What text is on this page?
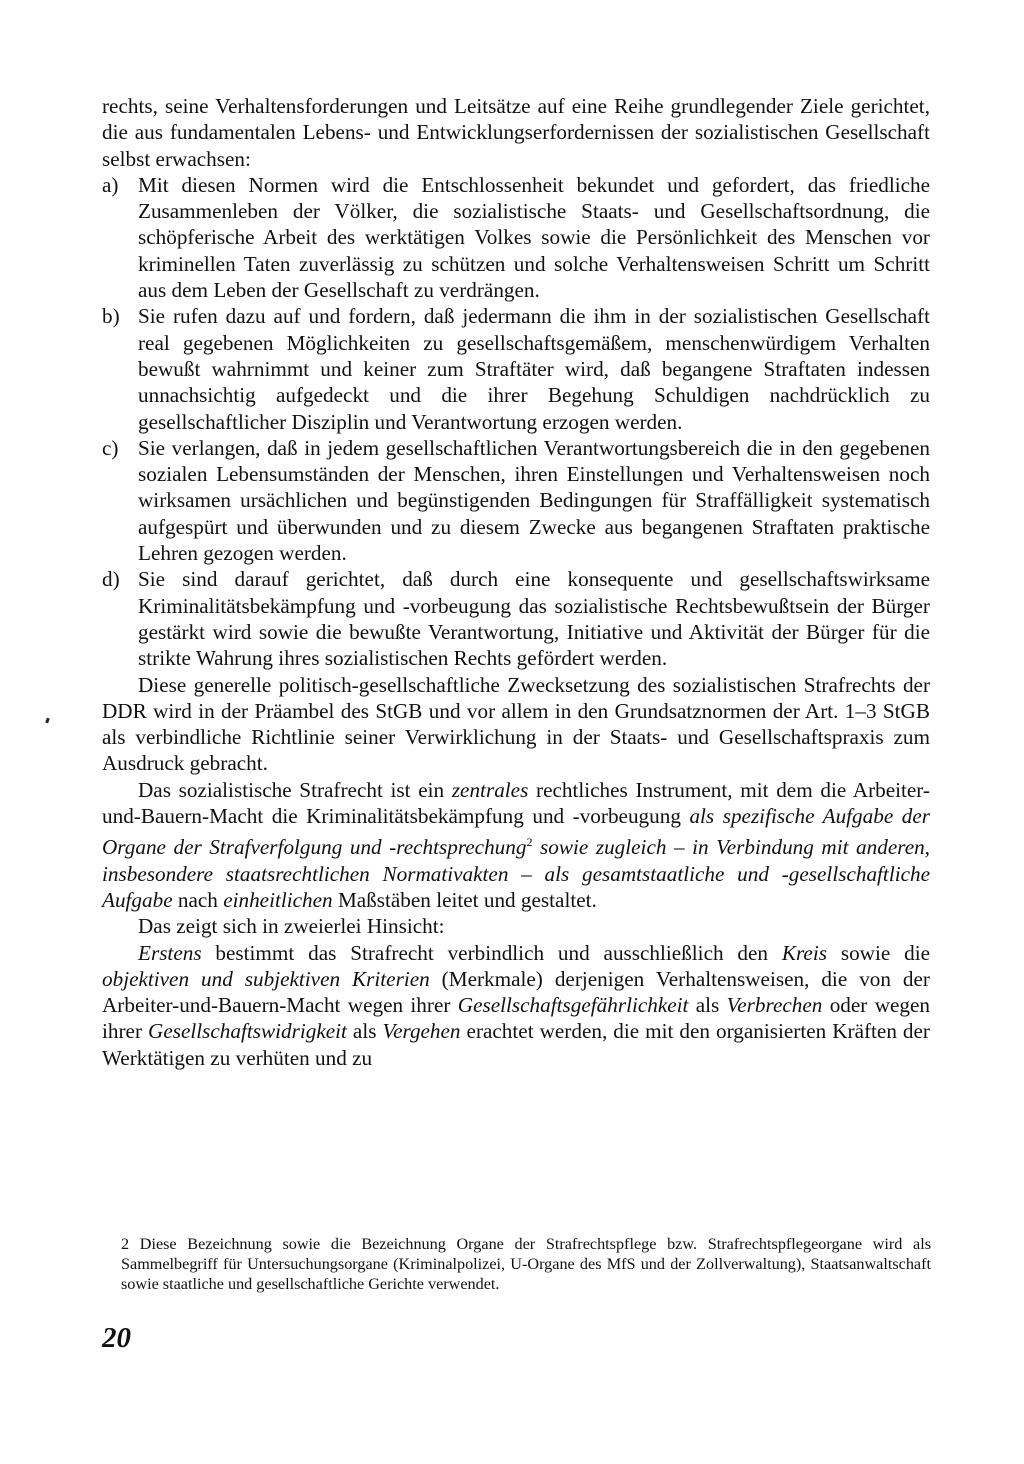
rechts, seine Verhaltensforderungen und Leitsätze auf eine Reihe grundlegender Ziele gerichtet, die aus fundamentalen Lebens- und Entwicklungserfordernissen der sozialistischen Gesellschaft selbst erwachsen:

a) Mit diesen Normen wird die Entschlossenheit bekundet und gefordert, das friedliche Zusammenleben der Völker, die sozialistische Staats- und Gesellschaftsordnung, die schöpferische Arbeit des werktätigen Volkes sowie die Persönlichkeit des Menschen vor kriminellen Taten zuverlässig zu schützen und solche Verhaltensweisen Schritt um Schritt aus dem Leben der Gesellschaft zu verdrängen.
b) Sie rufen dazu auf und fordern, daß jedermann die ihm in der sozialistischen Gesellschaft real gegebenen Möglichkeiten zu gesellschaftsgemäßem, menschenwürdigem Verhalten bewußt wahrnimmt und keiner zum Straftäter wird, daß begangene Straftaten indessen unnachsichtig aufgedeckt und die ihrer Begehung Schuldigen nachdrücklich zu gesellschaftlicher Disziplin und Verantwortung erzogen werden.
c) Sie verlangen, daß in jedem gesellschaftlichen Verantwortungsbereich die in den gegebenen sozialen Lebensumständen der Menschen, ihren Einstellungen und Verhaltensweisen noch wirksamen ursächlichen und begünstigenden Bedingungen für Straffälligkeit systematisch aufgespürt und überwunden und zu diesem Zwecke aus begangenen Straftaten praktische Lehren gezogen werden.
d) Sie sind darauf gerichtet, daß durch eine konsequente und gesellschaftswirksame Kriminalitätsbekämpfung und -vorbeugung das sozialistische Rechtsbewußtsein der Bürger gestärkt wird sowie die bewußte Verantwortung, Initiative und Aktivität der Bürger für die strikte Wahrung ihres sozialistischen Rechts gefördert werden.

Diese generelle politisch-gesellschaftliche Zwecksetzung des sozialistischen Strafrechts der DDR wird in der Präambel des StGB und vor allem in den Grundsatznormen der Art. 1–3 StGB als verbindliche Richtlinie seiner Verwirklichung in der Staats- und Gesellschaftspraxis zum Ausdruck gebracht.

Das sozialistische Strafrecht ist ein zentrales rechtliches Instrument, mit dem die Arbeiter-und-Bauern-Macht die Kriminalitätsbekämpfung und -vorbeugung als spezifische Aufgabe der Organe der Strafverfolgung und -rechtsprechung$^2$ sowie zugleich – in Verbindung mit anderen, insbesondere staatsrechtlichen Normativakten – als gesamtstaatliche und -gesellschaftliche Aufgabe nach einheitlichen Maßstäben leitet und gestaltet.

Das zeigt sich in zweierlei Hinsicht:

Erstens bestimmt das Strafrecht verbindlich und ausschließlich den Kreis sowie die objektiven und subjektiven Kriterien (Merkmale) derjenigen Verhaltensweisen, die von der Arbeiter-und-Bauern-Macht wegen ihrer Gesellschaftsgefährlichkeit als Verbrechen oder wegen ihrer Gesellschaftswidrigkeit als Vergehen erachtet werden, die mit den organisierten Kräften der Werktätigen zu verhüten und zu

2 Diese Bezeichnung sowie die Bezeichnung Organe der Strafrechtspflege bzw. Strafrechtspflegeorgane wird als Sammelbegriff für Untersuchungsorgane (Kriminalpolizei, U-Organe des MfS und der Zollverwaltung), Staatsanwaltschaft sowie staatliche und gesellschaftliche Gerichte verwendet.
20
